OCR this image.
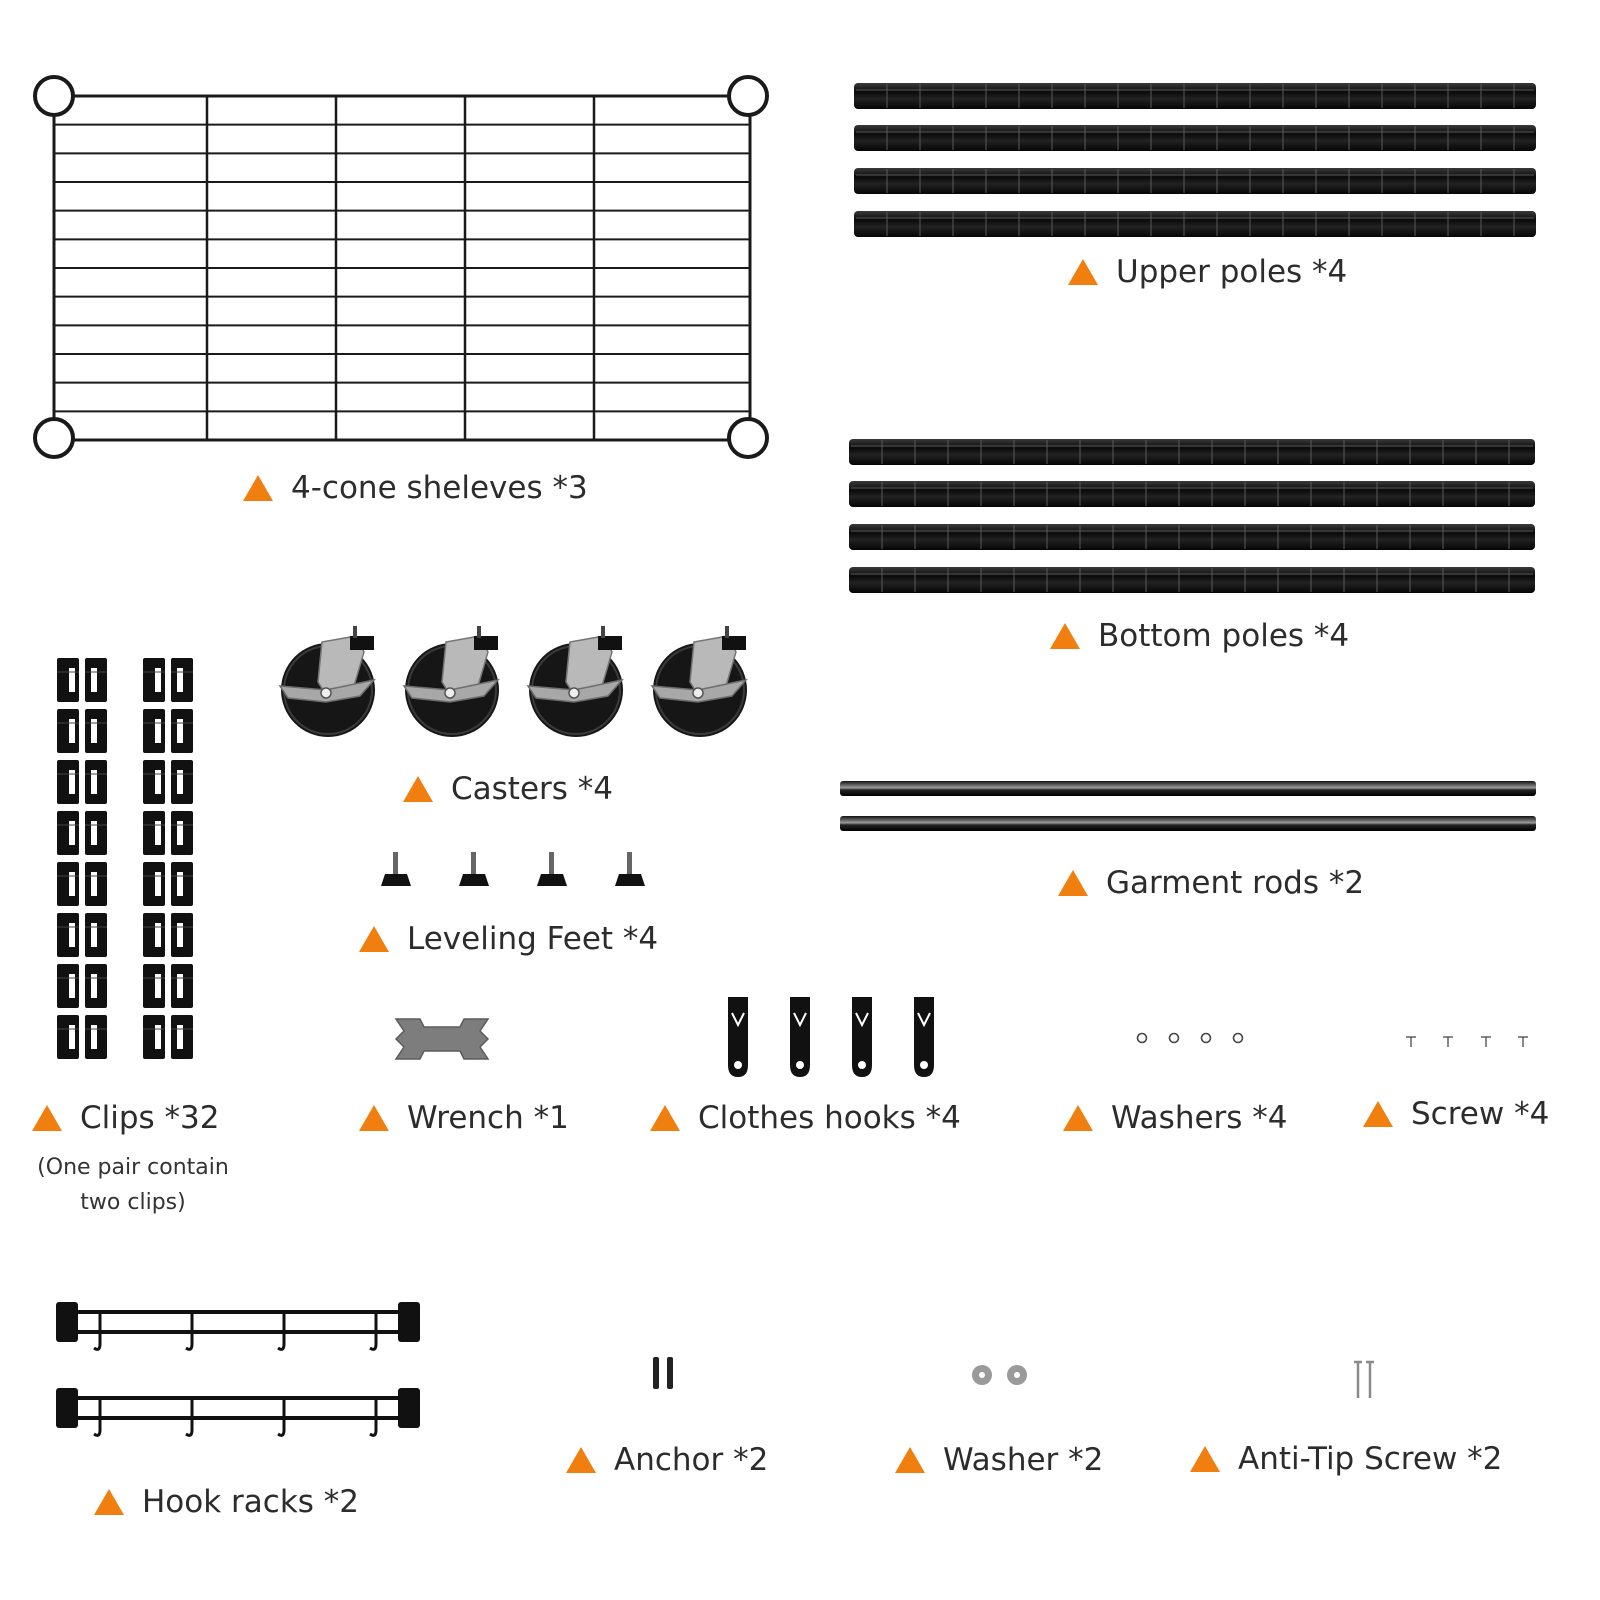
4-cone sheleves *3
Upper poles *4
Bottom poles *4
Clips *32
(One pair contain
two clips)
Casters *4
Garment rods *2
Leveling Feet *4
Wrench *1	Clothes hooks *4	Washers *4	Screw *4
Hook racks *2
Anchor *2	Washer *2	Anti-Tip Screw *2
